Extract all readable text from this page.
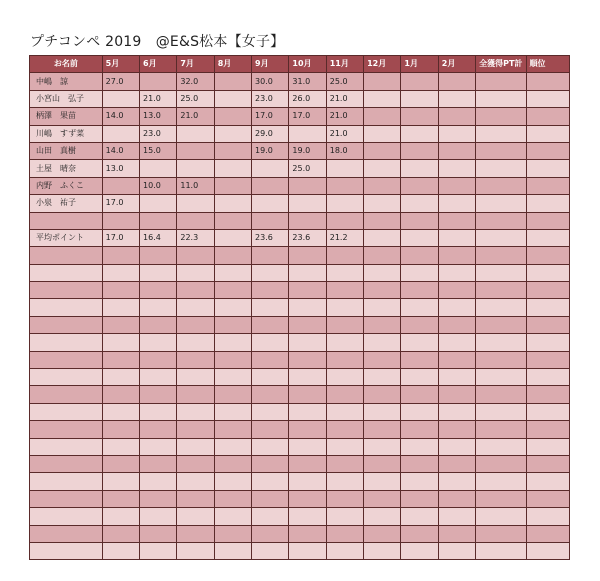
プチコンペ 2019　@E&S松本【女子】
お名前	5月	6月	7月	8月	9月	10月	11月	12月	1月	2月	全獲得PT計	順位
中嶋　諒	27.0		32.0		30.0	31.0	25.0					
小宮山　弘子		21.0	25.0		23.0	26.0	21.0					
柄澤　果苗	14.0	13.0	21.0		17.0	17.0	21.0					
川嶋　すず菜		23.0			29.0		21.0					
山田　真樹	14.0	15.0			19.0	19.0	18.0					
土屋　晴奈	13.0					25.0						
内野　ふくこ		10.0	11.0									
小泉　祐子	17.0											

平均ポイント	17.0	16.4	22.3		23.6	23.6	21.2					
